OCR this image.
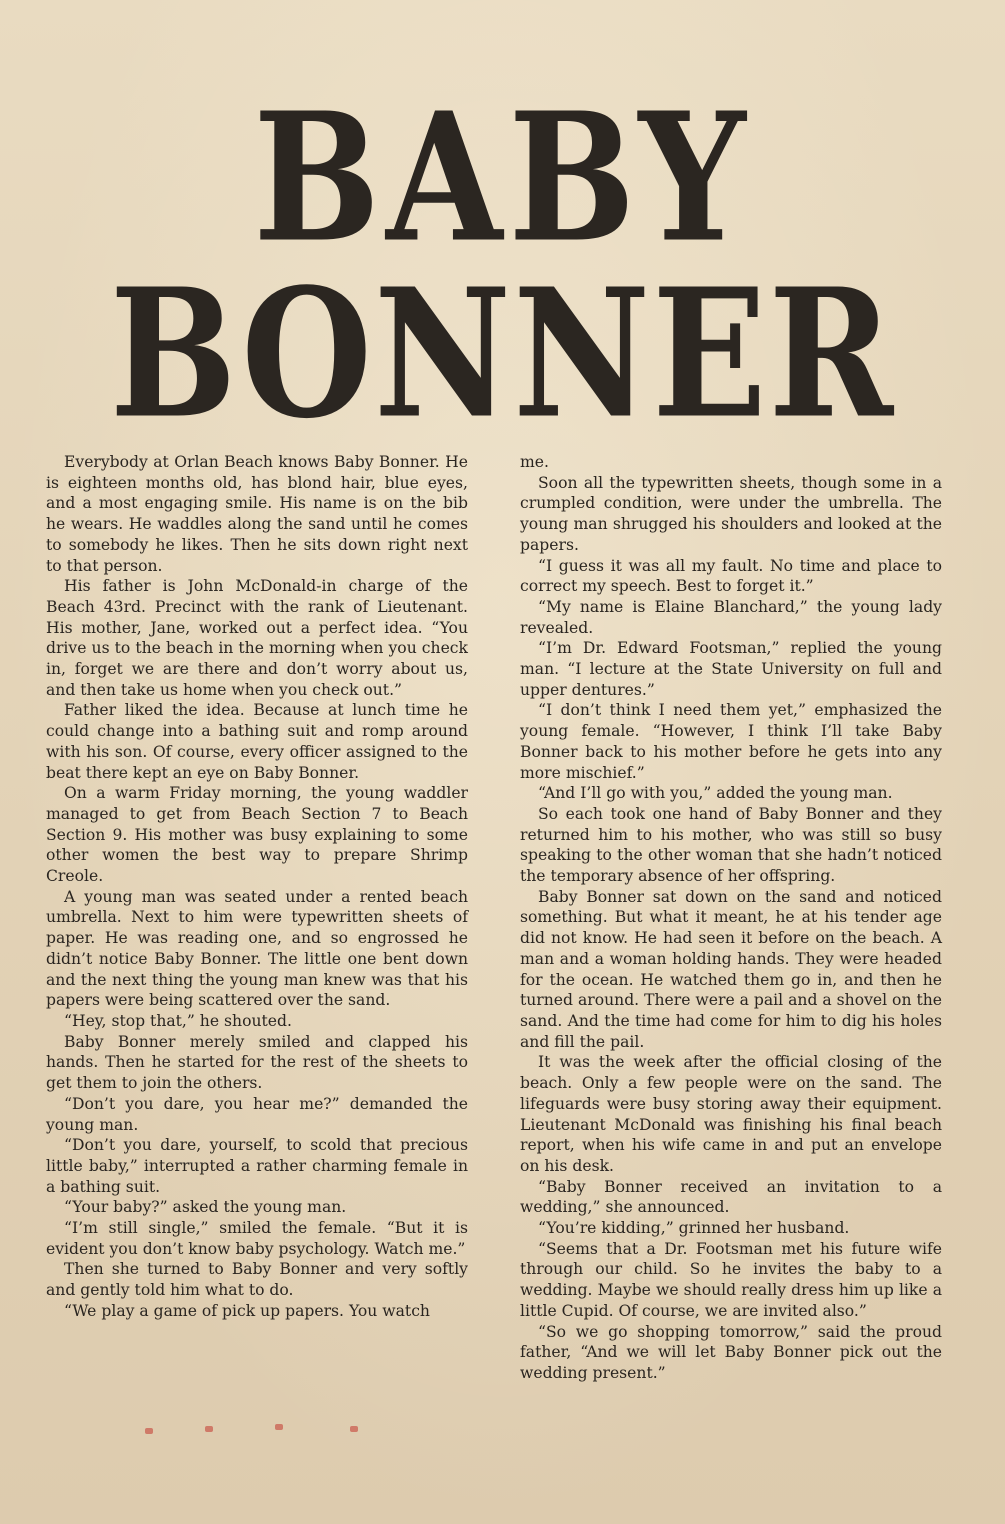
BABY
BONNER

Everybody at Orlan Beach knows Baby Bonner. He is eighteen months old, has blond hair, blue eyes, and a most engaging smile. His name is on the bib he wears. He waddles along the sand until he comes to somebody he likes. Then he sits down right next to that person.

His father is John McDonald-in charge of the Beach 43rd. Precinct with the rank of Lieutenant. His mother, Jane, worked out a perfect idea. “You drive us to the beach in the morning when you check in, forget we are there and don’t worry about us, and then take us home when you check out.”

Father liked the idea. Because at lunch time he could change into a bathing suit and romp around with his son. Of course, every officer assigned to the beat there kept an eye on Baby Bonner.

On a warm Friday morning, the young waddler managed to get from Beach Section 7 to Beach Section 9. His mother was busy explaining to some other women the best way to prepare Shrimp Creole.

A young man was seated under a rented beach umbrella. Next to him were typewritten sheets of paper. He was reading one, and so engrossed he didn’t notice Baby Bonner. The little one bent down and the next thing the young man knew was that his papers were being scattered over the sand.

“Hey, stop that,” he shouted.

Baby Bonner merely smiled and clapped his hands. Then he started for the rest of the sheets to get them to join the others.

“Don’t you dare, you hear me?” demanded the young man.

“Don’t you dare, yourself, to scold that precious little baby,” interrupted a rather charming female in a bathing suit.

“Your baby?” asked the young man.

“I’m still single,” smiled the female. “But it is evident you don’t know baby psychology. Watch me.”

Then she turned to Baby Bonner and very softly and gently told him what to do.

“We play a game of pick up papers. You watch

me.

Soon all the typewritten sheets, though some in a crumpled condition, were under the umbrella. The young man shrugged his shoulders and looked at the papers.

“I guess it was all my fault. No time and place to correct my speech. Best to forget it.”

“My name is Elaine Blanchard,” the young lady revealed.

“I’m Dr. Edward Footsman,” replied the young man. “I lecture at the State University on full and upper dentures.”

“I don’t think I need them yet,” emphasized the young female. “However, I think I’ll take Baby Bonner back to his mother before he gets into any more mischief.”

“And I’ll go with you,” added the young man.

So each took one hand of Baby Bonner and they returned him to his mother, who was still so busy speaking to the other woman that she hadn’t noticed the temporary absence of her offspring.

Baby Bonner sat down on the sand and noticed something. But what it meant, he at his tender age did not know. He had seen it before on the beach. A man and a woman holding hands. They were headed for the ocean. He watched them go in, and then he turned around. There were a pail and a shovel on the sand. And the time had come for him to dig his holes and fill the pail.

It was the week after the official closing of the beach. Only a few people were on the sand. The lifeguards were busy storing away their equipment. Lieutenant McDonald was finishing his final beach report, when his wife came in and put an envelope on his desk.

“Baby Bonner received an invitation to a wedding,” she announced.

“You’re kidding,” grinned her husband.

“Seems that a Dr. Footsman met his future wife through our child. So he invites the baby to a wedding. Maybe we should really dress him up like a little Cupid. Of course, we are invited also.”

“So we go shopping tomorrow,” said the proud father, “And we will let Baby Bonner pick out the wedding present.”
